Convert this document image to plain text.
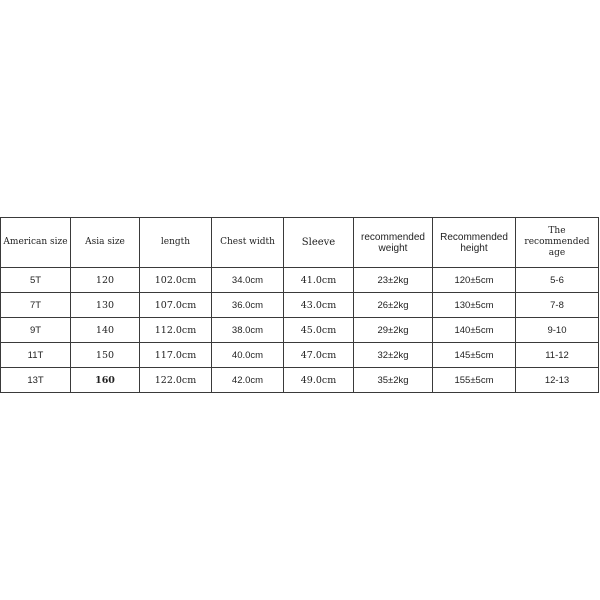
American size	Asia size	length	Chest width	Sleeve	recommended weight	Recommended height	The recommended age
5T	120	102.0cm	34.0cm	41.0cm	23±2kg	120±5cm	5-6
7T	130	107.0cm	36.0cm	43.0cm	26±2kg	130±5cm	7-8
9T	140	112.0cm	38.0cm	45.0cm	29±2kg	140±5cm	9-10
11T	150	117.0cm	40.0cm	47.0cm	32±2kg	145±5cm	11-12
13T	160	122.0cm	42.0cm	49.0cm	35±2kg	155±5cm	12-13
